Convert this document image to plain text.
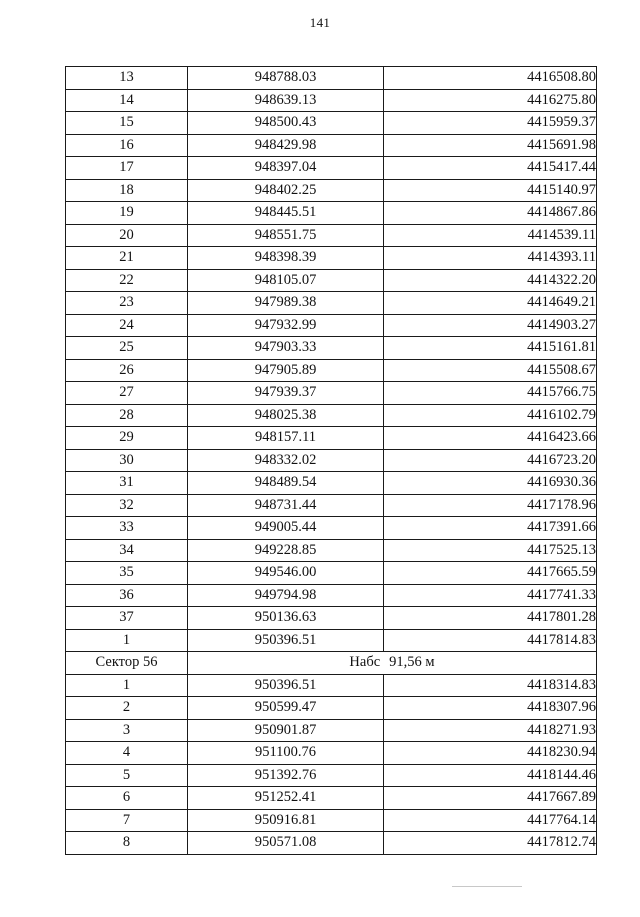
141
13	948788.03	4416508.80
14	948639.13	4416275.80
15	948500.43	4415959.37
16	948429.98	4415691.98
17	948397.04	4415417.44
18	948402.25	4415140.97
19	948445.51	4414867.86
20	948551.75	4414539.11
21	948398.39	4414393.11
22	948105.07	4414322.20
23	947989.38	4414649.21
24	947932.99	4414903.27
25	947903.33	4415161.81
26	947905.89	4415508.67
27	947939.37	4415766.75
28	948025.38	4416102.79
29	948157.11	4416423.66
30	948332.02	4416723.20
31	948489.54	4416930.36
32	948731.44	4417178.96
33	949005.44	4417391.66
34	949228.85	4417525.13
35	949546.00	4417665.59
36	949794.98	4417741.33
37	950136.63	4417801.28
1	950396.51	4417814.83
Сектор 56	Набс 91,56 м	
1	950396.51	4418314.83
2	950599.47	4418307.96
3	950901.87	4418271.93
4	951100.76	4418230.94
5	951392.76	4418144.46
6	951252.41	4417667.89
7	950916.81	4417764.14
8	950571.08	4417812.74
